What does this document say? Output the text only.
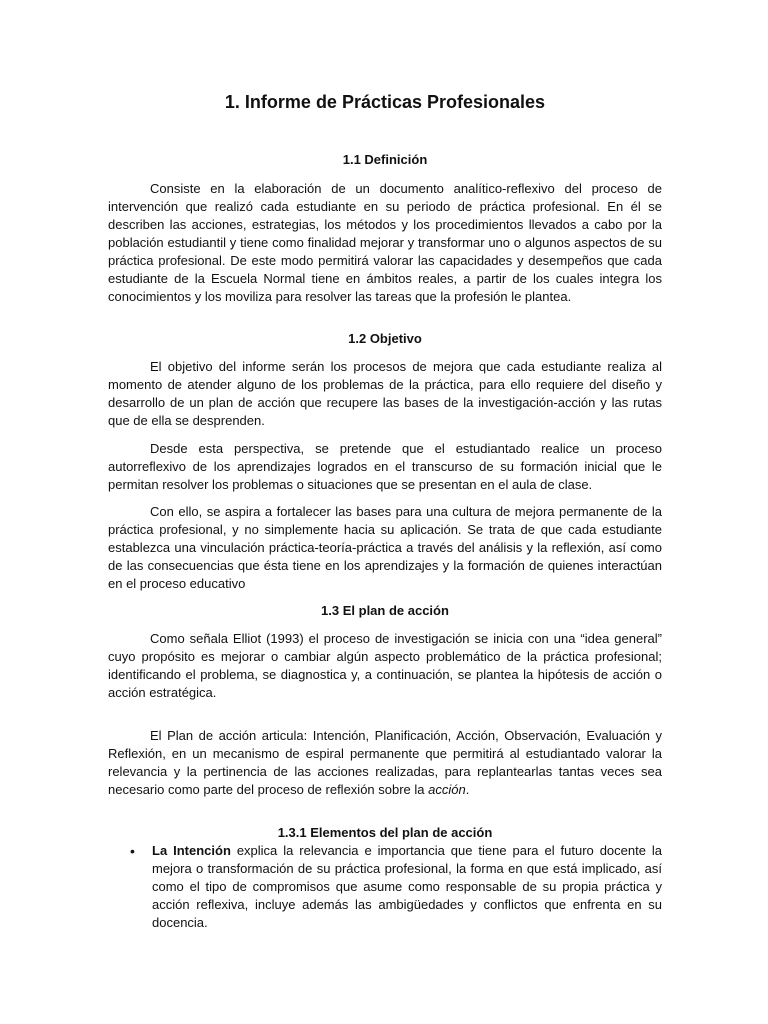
1. Informe de Prácticas Profesionales
1.1 Definición

Consiste en la elaboración de un documento analítico-reflexivo del proceso de intervención que realizó cada estudiante en su periodo de práctica profesional. En él se describen las acciones, estrategias, los métodos y los procedimientos llevados a cabo por la población estudiantil y tiene como finalidad mejorar y transformar uno o algunos aspectos de su práctica profesional. De este modo permitirá valorar las capacidades y desempeños que cada estudiante de la Escuela Normal tiene en ámbitos reales, a partir de los cuales integra los conocimientos y los moviliza para resolver las tareas que la profesión le plantea.

1.2 Objetivo

El objetivo del informe serán los procesos de mejora que cada estudiante realiza al momento de atender alguno de los problemas de la práctica, para ello requiere del diseño y desarrollo de un plan de acción que recupere las bases de la investigación-acción y las rutas que de ella se desprenden.

Desde esta perspectiva, se pretende que el estudiantado realice un proceso autorreflexivo de los aprendizajes logrados en el transcurso de su formación inicial que le permitan resolver los problemas o situaciones que se presentan en el aula de clase.

Con ello, se aspira a fortalecer las bases para una cultura de mejora permanente de la práctica profesional, y no simplemente hacia su aplicación. Se trata de que cada estudiante establezca una vinculación práctica-teoría-práctica a través del análisis y la reflexión, así como de las consecuencias que ésta tiene en los aprendizajes y la formación de quienes interactúan en el proceso educativo

1.3 El plan de acción

Como señala Elliot (1993) el proceso de investigación se inicia con una “idea general” cuyo propósito es mejorar o cambiar algún aspecto problemático de la práctica profesional; identificando el problema, se diagnostica y, a continuación, se plantea la hipótesis de acción o acción estratégica.

El Plan de acción articula: Intención, Planificación, Acción, Observación, Evaluación y Reflexión, en un mecanismo de espiral permanente que permitirá al estudiantado valorar la relevancia y la pertinencia de las acciones realizadas, para replantearlas tantas veces sea necesario como parte del proceso de reflexión sobre la acción.

1.3.1 Elementos del plan de acción
• La Intención explica la relevancia e importancia que tiene para el futuro docente la mejora o transformación de su práctica profesional, la forma en que está implicado, así como el tipo de compromisos que asume como responsable de su propia práctica y acción reflexiva, incluye además las ambigüedades y conflictos que enfrenta en su docencia.
